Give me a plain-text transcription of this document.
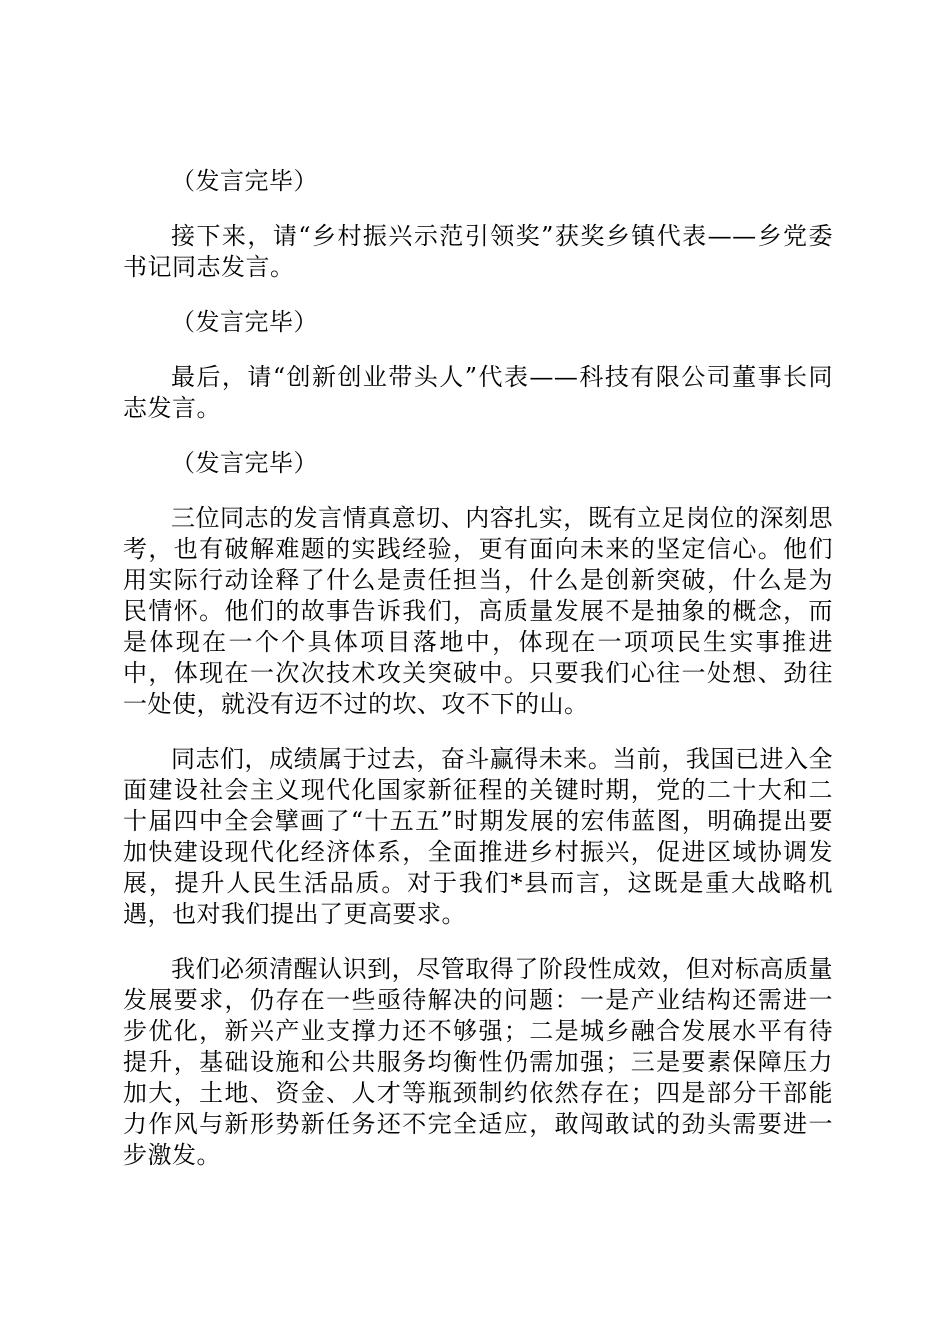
（发言完毕）

接下来，请“乡村振兴示范引领奖”获奖乡镇代表——乡党委书记同志发言。

（发言完毕）

最后，请“创新创业带头人”代表——科技有限公司董事长同志发言。

（发言完毕）

三位同志的发言情真意切、内容扎实，既有立足岗位的深刻思考，也有破解难题的实践经验，更有面向未来的坚定信心。他们用实际行动诠释了什么是责任担当，什么是创新突破，什么是为民情怀。他们的故事告诉我们，高质量发展不是抽象的概念，而是体现在一个个具体项目落地中，体现在一项项民生实事推进中，体现在一次次技术攻关突破中。只要我们心往一处想、劲往一处使，就没有迈不过的坎、攻不下的山。

同志们，成绩属于过去，奋斗赢得未来。当前，我国已进入全面建设社会主义现代化国家新征程的关键时期，党的二十大和二十届四中全会擘画了“十五五”时期发展的宏伟蓝图，明确提出要加快建设现代化经济体系，全面推进乡村振兴，促进区域协调发展，提升人民生活品质。对于我们*县而言，这既是重大战略机遇，也对我们提出了更高要求。

我们必须清醒认识到，尽管取得了阶段性成效，但对标高质量发展要求，仍存在一些亟待解决的问题：一是产业结构还需进一步优化，新兴产业支撑力还不够强；二是城乡融合发展水平有待提升，基础设施和公共服务均衡性仍需加强；三是要素保障压力加大，土地、资金、人才等瓶颈制约依然存在；四是部分干部能力作风与新形势新任务还不完全适应，敢闯敢试的劲头需要进一步激发。
